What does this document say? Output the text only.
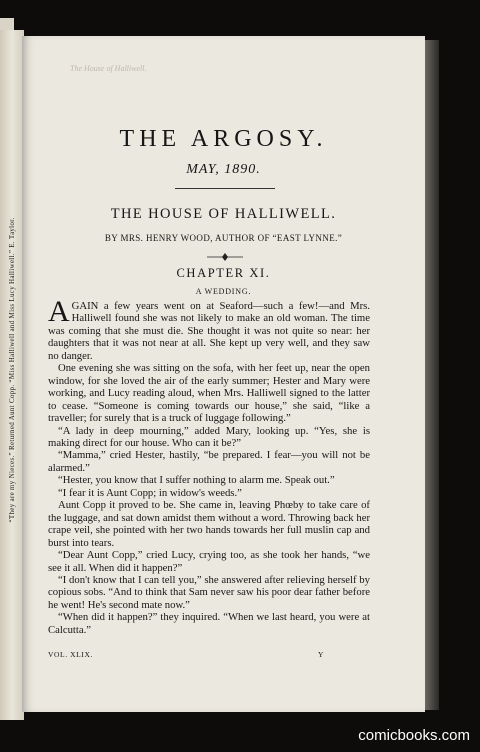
“They are my Nieces.” Returned Aunt Copp. “Miss Halliwell and Miss Lucy Halliwell.” E. Taylor.
The House of Halliwell.
THE ARGOSY.
MAY, 1890.
THE HOUSE OF HALLIWELL.
BY MRS. HENRY WOOD, AUTHOR OF “EAST LYNNE.”
CHAPTER XI.
A WEDDING.

AGAIN a few years went on at Seaford—such a few!—and Mrs. Halliwell found she was not likely to make an old woman. The time was coming that she must die. She thought it was not quite so near: her daughters that it was not near at all. She kept up very well, and they saw no danger.

One evening she was sitting on the sofa, with her feet up, near the open window, for she loved the air of the early summer; Hester and Mary were working, and Lucy reading aloud, when Mrs. Halliwell signed to the latter to cease. “Someone is coming towards our house,” she said, “like a traveller; for surely that is a truck of luggage following.”

“A lady in deep mourning,” added Mary, looking up. “Yes, she is making direct for our house. Who can it be?”

“Mamma,” cried Hester, hastily, “be prepared. I fear—you will not be alarmed.”

“Hester, you know that I suffer nothing to alarm me. Speak out.”

“I fear it is Aunt Copp; in widow's weeds.”

Aunt Copp it proved to be. She came in, leaving Phœby to take care of the luggage, and sat down amidst them without a word. Throwing back her crape veil, she pointed with her two hands towards her full muslin cap and burst into tears.

“Dear Aunt Copp,” cried Lucy, crying too, as she took her hands, “we see it all. When did it happen?”

“I don't know that I can tell you,” she answered after relieving herself by copious sobs. “And to think that Sam never saw his poor dear father before he went! He's second mate now.”

“When did it happen?” they inquired. “When we last heard, you were at Calcutta.”

VOL. XLIX.	Y
comicbooks.com
